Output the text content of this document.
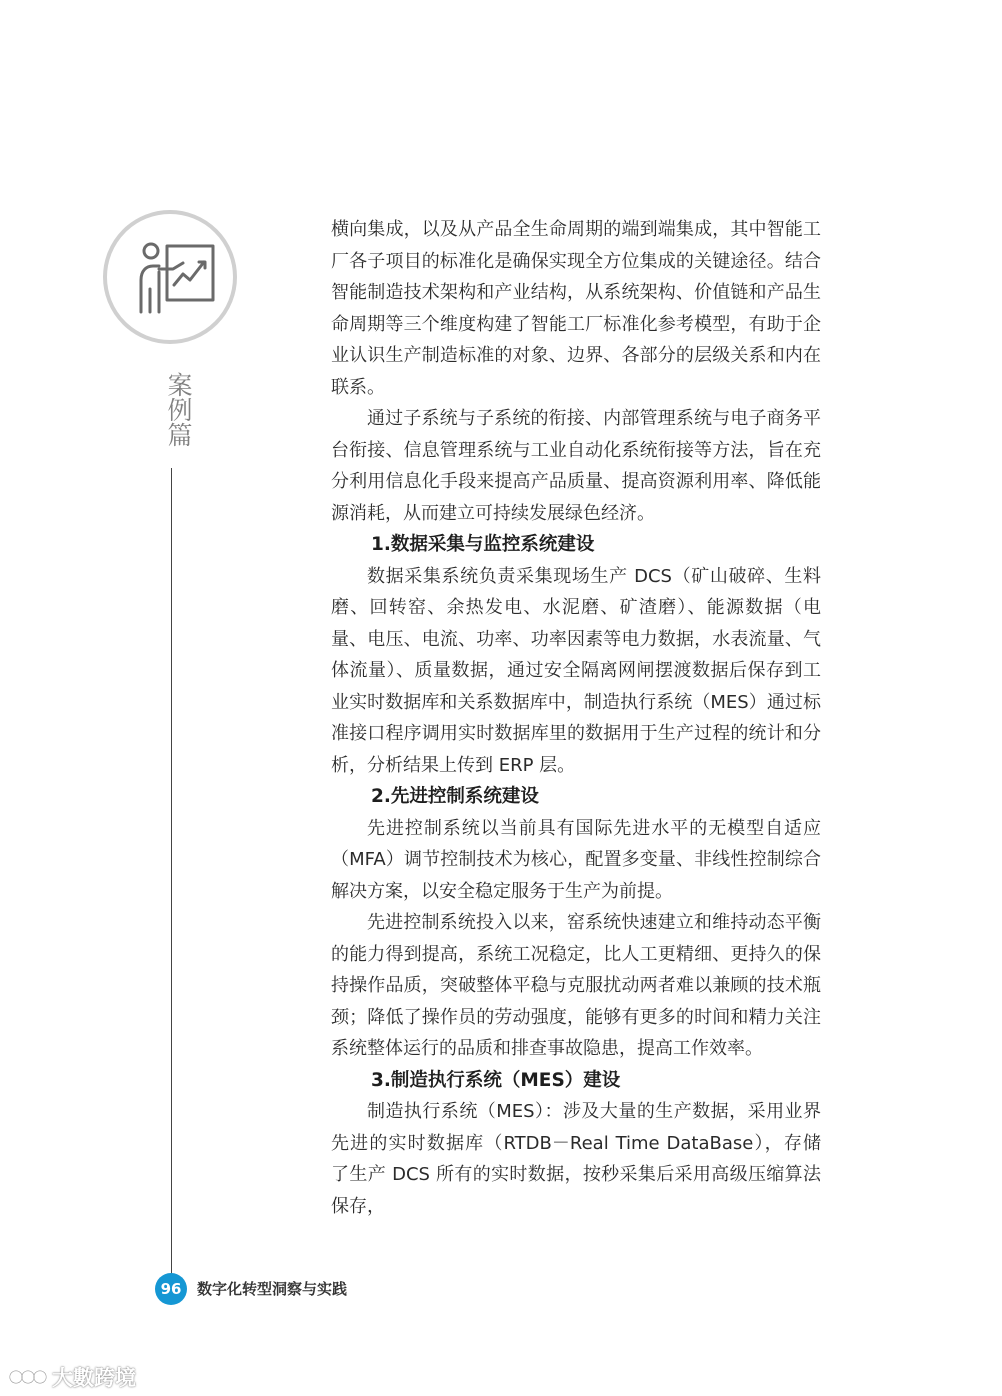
案例篇

横向集成，以及从产品全生命周期的端到端集成，其中智能工厂各子项目的标准化是确保实现全方位集成的关键途径。结合智能制造技术架构和产业结构，从系统架构、价值链和产品生命周期等三个维度构建了智能工厂标准化参考模型，有助于企业认识生产制造标准的对象、边界、各部分的层级关系和内在联系。

通过子系统与子系统的衔接、内部管理系统与电子商务平台衔接、信息管理系统与工业自动化系统衔接等方法，旨在充分利用信息化手段来提高产品质量、提高资源利用率、降低能源消耗，从而建立可持续发展绿色经济。

1.数据采集与监控系统建设

数据采集系统负责采集现场生产 DCS（矿山破碎、生料磨、回转窑、余热发电、水泥磨、矿渣磨）、能源数据（电量、电压、电流、功率、功率因素等电力数据，水表流量、气体流量）、质量数据，通过安全隔离网闸摆渡数据后保存到工业实时数据库和关系数据库中，制造执行系统（MES）通过标准接口程序调用实时数据库里的数据用于生产过程的统计和分析，分析结果上传到 ERP 层。

2.先进控制系统建设

先进控制系统以当前具有国际先进水平的无模型自适应（MFA）调节控制技术为核心，配置多变量、非线性控制综合解决方案，以安全稳定服务于生产为前提。

先进控制系统投入以来，窑系统快速建立和维持动态平衡的能力得到提高，系统工况稳定，比人工更精细、更持久的保持操作品质，突破整体平稳与克服扰动两者难以兼顾的技术瓶颈；降低了操作员的劳动强度，能够有更多的时间和精力关注系统整体运行的品质和排查事故隐患，提高工作效率。

3.制造执行系统（MES）建设

制造执行系统（MES）：涉及大量的生产数据，采用业界先进的实时数据库（RTDB－Real Time DataBase），存储了生产 DCS 所有的实时数据，按秒采集后采用高级压缩算法保存，

96	数字化转型洞察与实践
大數跨境
